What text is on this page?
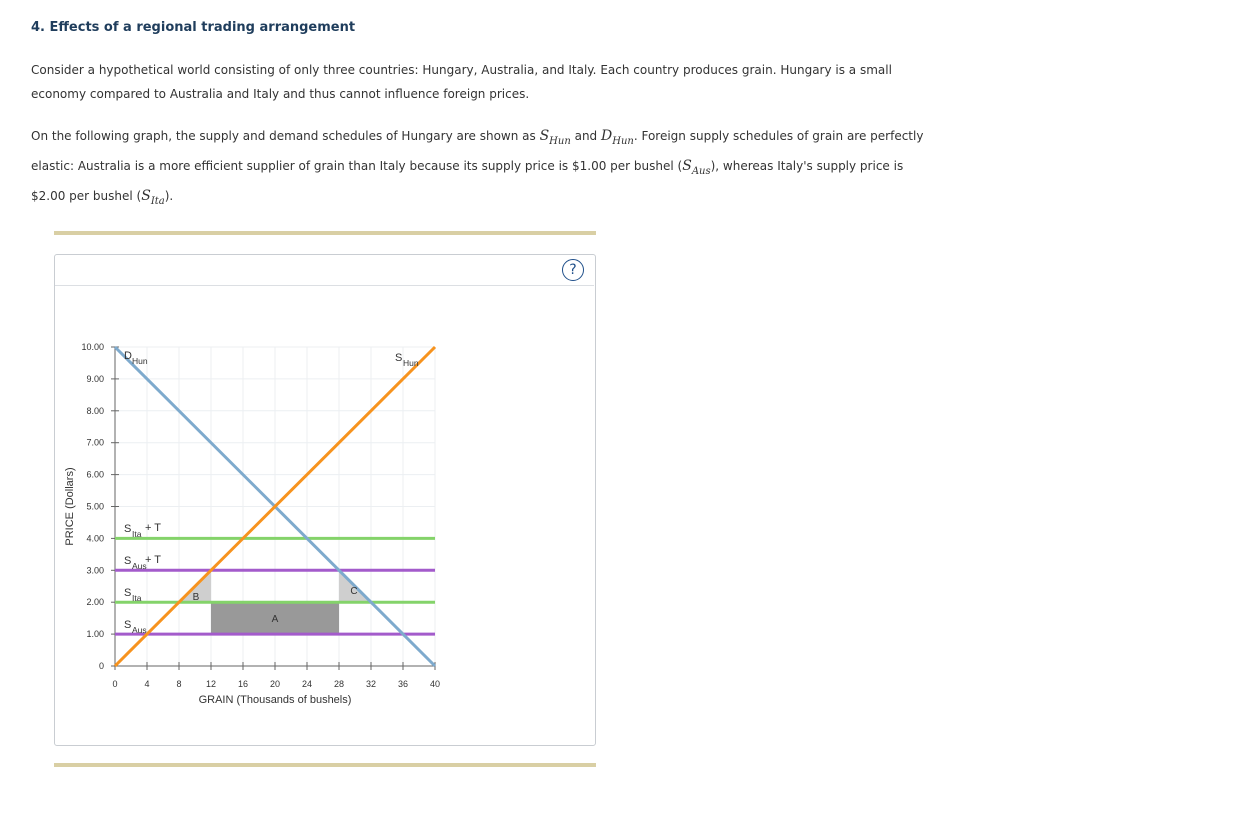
4. Effects of a regional trading arrangement
Consider a hypothetical world consisting of only three countries: Hungary, Australia, and Italy. Each country produces grain. Hungary is a small
economy compared to Australia and Italy and thus cannot influence foreign prices.
On the following graph, the supply and demand schedules of Hungary are shown as $S_{Hun}$ and $D_{Hun}$. Foreign supply schedules of grain are perfectly
elastic: Australia is a more efficient supplier of grain than Italy because its supply price is $1.00 per bushel $(S_{Aus})$, whereas Italy's supply price is
$2.00 per bushel $(S_{Ita})$.
?
0	4	8	12 16 20 24 28 32 36 40
0
1.00
2.00
3.00
4.00
5.00
6.00
7.00
8.00
9.00
10.00
GRAIN (Thousands of bushels)
PRICE (Dollars)
D Hun	S Hun
S Ita + T
S Aus
+ T
S Ita
S Aus
B
A
C
